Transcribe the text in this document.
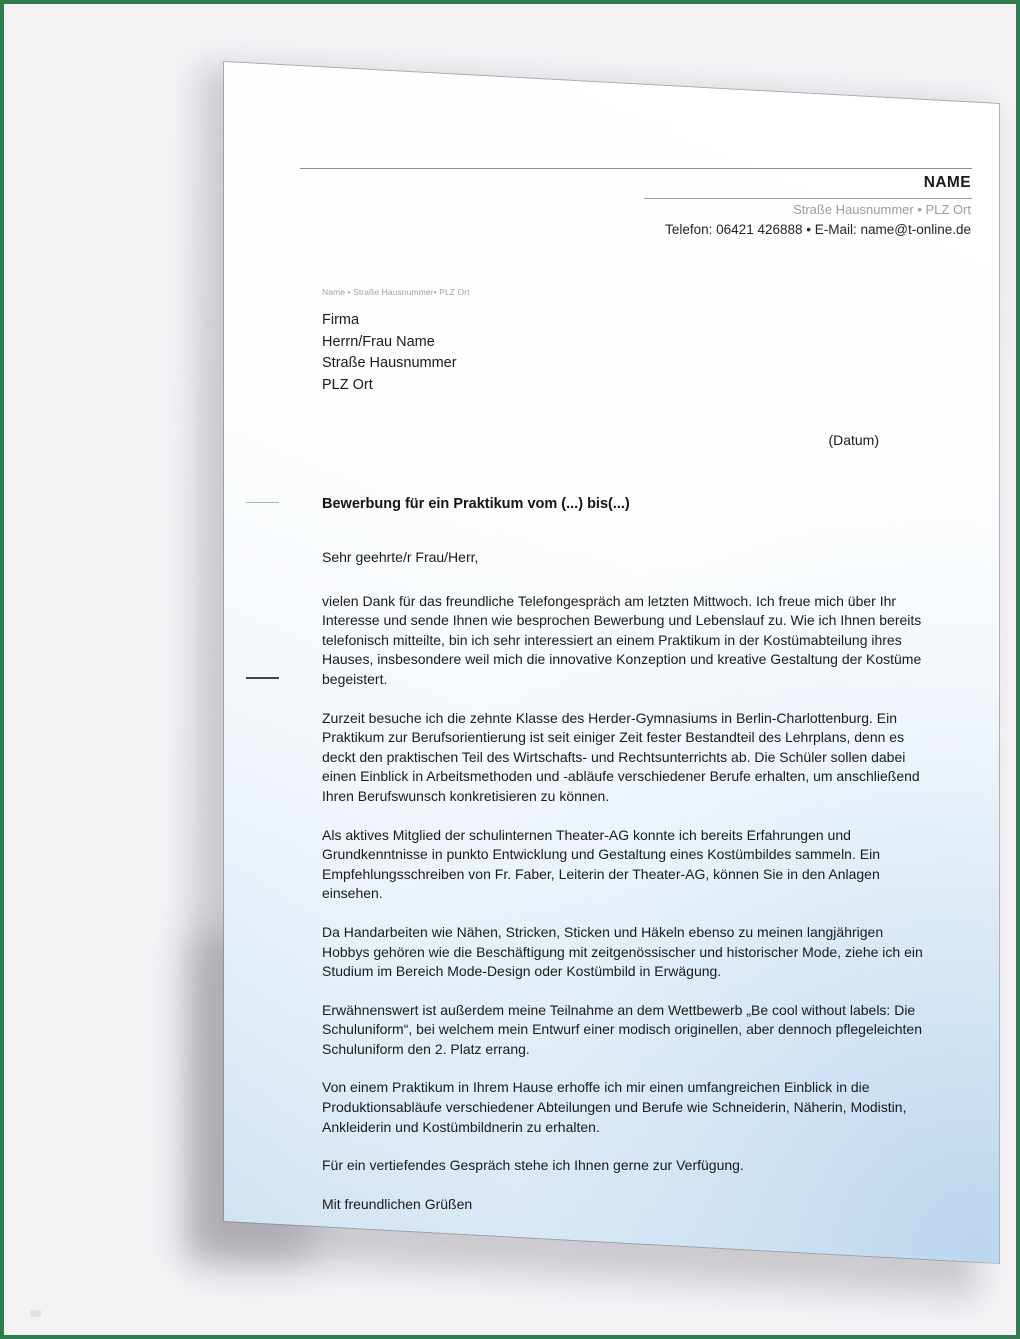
NAME
Straße Hausnummer • PLZ Ort
Telefon: 06421 426888 • E-Mail: name@t-online.de
Name • Straße Hausnummer• PLZ Ort
Firma
Herrn/Frau Name
Straße Hausnummer
PLZ Ort
(Datum)
Bewerbung für ein Praktikum vom (...) bis(...)

Sehr geehrte/r Frau/Herr,

vielen Dank für das freundliche Telefongespräch am letzten Mittwoch. Ich freue mich über Ihr Interesse und sende Ihnen wie besprochen Bewerbung und Lebenslauf zu. Wie ich Ihnen bereits telefonisch mitteilte, bin ich sehr interessiert an einem Praktikum in der Kostümabteilung ihres Hauses, insbesondere weil mich die innovative Konzeption und kreative Gestaltung der Kostüme begeistert.

Zurzeit besuche ich die zehnte Klasse des Herder-Gymnasiums in Berlin-Charlottenburg. Ein Praktikum zur Berufsorientierung ist seit einiger Zeit fester Bestandteil des Lehrplans, denn es deckt den praktischen Teil des Wirtschafts- und Rechtsunterrichts ab. Die Schüler sollen dabei einen Einblick in Arbeitsmethoden und -abläufe verschiedener Berufe erhalten, um anschließend Ihren Berufswunsch konkretisieren zu können.

Als aktives Mitglied der schulinternen Theater-AG konnte ich bereits Erfahrungen und Grundkenntnisse in punkto Entwicklung und Gestaltung eines Kostümbildes sammeln. Ein Empfehlungsschreiben von Fr. Faber, Leiterin der Theater-AG, können Sie in den Anlagen einsehen.

Da Handarbeiten wie Nähen, Stricken, Sticken und Häkeln ebenso zu meinen langjährigen Hobbys gehören wie die Beschäftigung mit zeitgenössischer und historischer Mode, ziehe ich ein Studium im Bereich Mode-Design oder Kostümbild in Erwägung.

Erwähnenswert ist außerdem meine Teilnahme an dem Wettbewerb „Be cool without labels: Die Schuluniform“, bei welchem mein Entwurf einer modisch originellen, aber dennoch pflegeleichten Schuluniform den 2. Platz errang.

Von einem Praktikum in Ihrem Hause erhoffe ich mir einen umfangreichen Einblick in die Produktionsabläufe verschiedener Abteilungen und Berufe wie Schneiderin, Näherin, Modistin, Ankleiderin und Kostümbildnerin zu erhalten.

Für ein vertiefendes Gespräch stehe ich Ihnen gerne zur Verfügung.

Mit freundlichen Grüßen
